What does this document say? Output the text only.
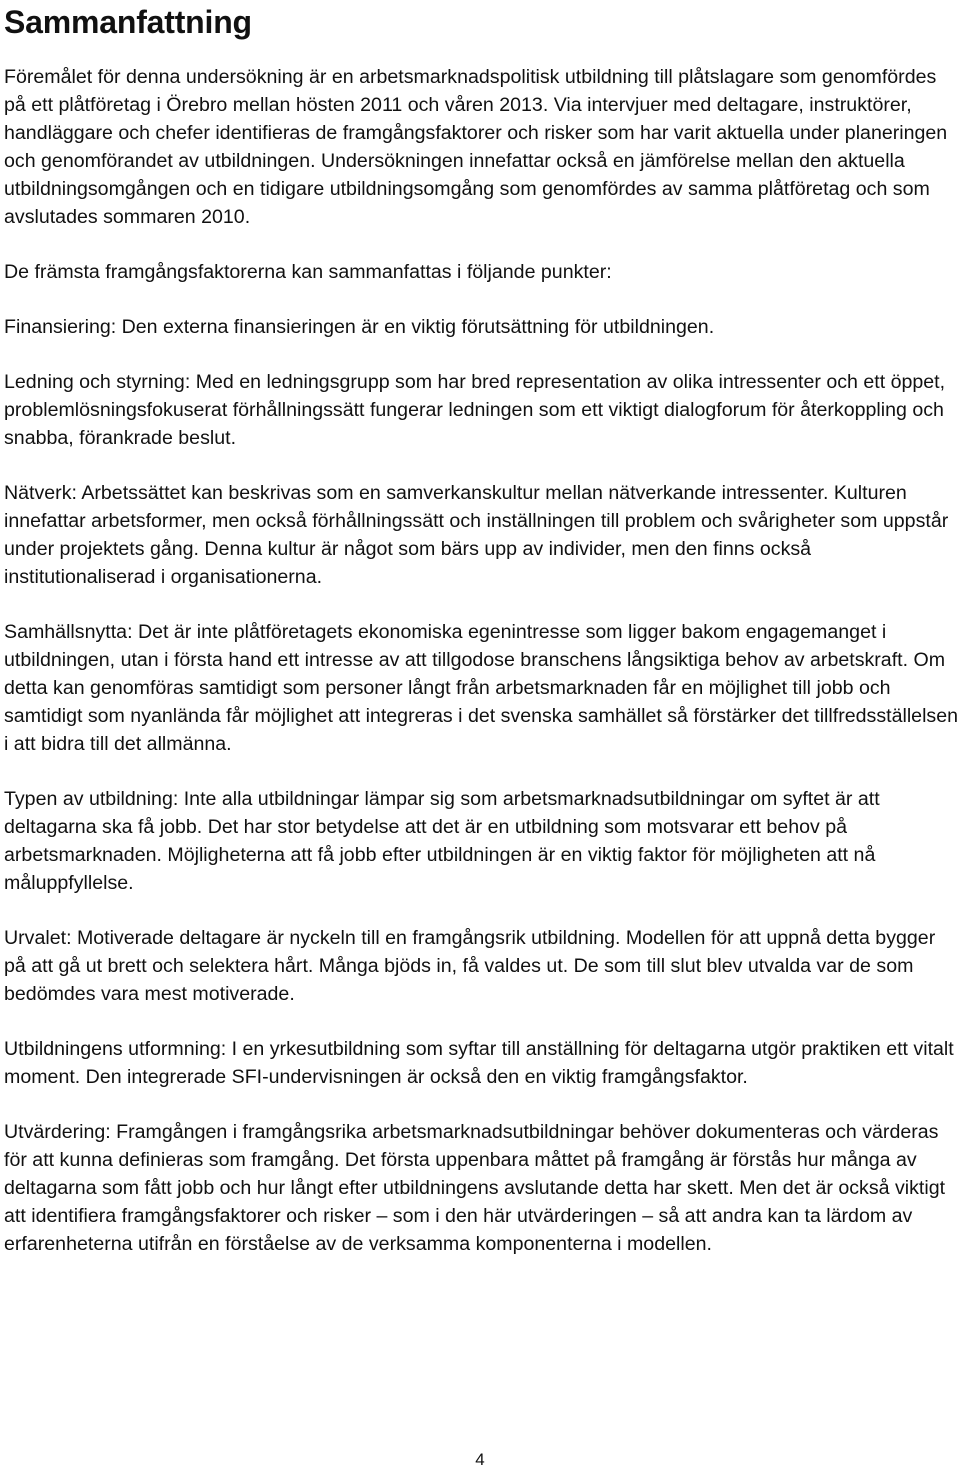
Sammanfattning

Föremålet för denna undersökning är en arbetsmarknadspolitisk utbildning till plåtslagare som genomfördes på ett plåtföretag i Örebro mellan hösten 2011 och våren 2013. Via intervjuer med deltagare, instruktörer, handläggare och chefer identifieras de framgångsfaktorer och risker som har varit aktuella under planeringen och genomförandet av utbildningen. Undersökningen innefattar också en jämförelse mellan den aktuella utbildningsomgången och en tidigare utbildningsomgång som genomfördes av samma plåtföretag och som avslutades sommaren 2010.

De främsta framgångsfaktorerna kan sammanfattas i följande punkter:

Finansiering: Den externa finansieringen är en viktig förutsättning för utbildningen.

Ledning och styrning: Med en ledningsgrupp som har bred representation av olika intressenter och ett öppet, problemlösningsfokuserat förhållningssätt fungerar ledningen som ett viktigt dialogforum för återkoppling och snabba, förankrade beslut.

Nätverk: Arbetssättet kan beskrivas som en samverkanskultur mellan nätverkande intressenter. Kulturen innefattar arbetsformer, men också förhållningssätt och inställningen till problem och svårigheter som uppstår under projektets gång. Denna kultur är något som bärs upp av individer, men den finns också institutionaliserad i organisationerna.

Samhällsnytta: Det är inte plåtföretagets ekonomiska egenintresse som ligger bakom engagemanget i utbildningen, utan i första hand ett intresse av att tillgodose branschens långsiktiga behov av arbetskraft. Om detta kan genomföras samtidigt som personer långt från arbetsmarknaden får en möjlighet till jobb och samtidigt som nyanlända får möjlighet att integreras i det svenska samhället så förstärker det tillfredsställelsen i att bidra till det allmänna.

Typen av utbildning: Inte alla utbildningar lämpar sig som arbetsmarknadsutbildningar om syftet är att deltagarna ska få jobb. Det har stor betydelse att det är en utbildning som motsvarar ett behov på arbetsmarknaden. Möjligheterna att få jobb efter utbildningen är en viktig faktor för möjligheten att nå måluppfyllelse.

Urvalet: Motiverade deltagare är nyckeln till en framgångsrik utbildning. Modellen för att uppnå detta bygger på att gå ut brett och selektera hårt. Många bjöds in, få valdes ut. De som till slut blev utvalda var de som bedömdes vara mest motiverade.

Utbildningens utformning: I en yrkesutbildning som syftar till anställning för deltagarna utgör praktiken ett vitalt moment. Den integrerade SFI-undervisningen är också den en viktig framgångsfaktor.

Utvärdering: Framgången i framgångsrika arbetsmarknadsutbildningar behöver dokumenteras och värderas för att kunna definieras som framgång. Det första uppenbara måttet på framgång är förstås hur många av deltagarna som fått jobb och hur långt efter utbildningens avslutande detta har skett. Men det är också viktigt att identifiera framgångsfaktorer och risker – som i den här utvärderingen – så att andra kan ta lärdom av erfarenheterna utifrån en förståelse av de verksamma komponenterna i modellen.

4
